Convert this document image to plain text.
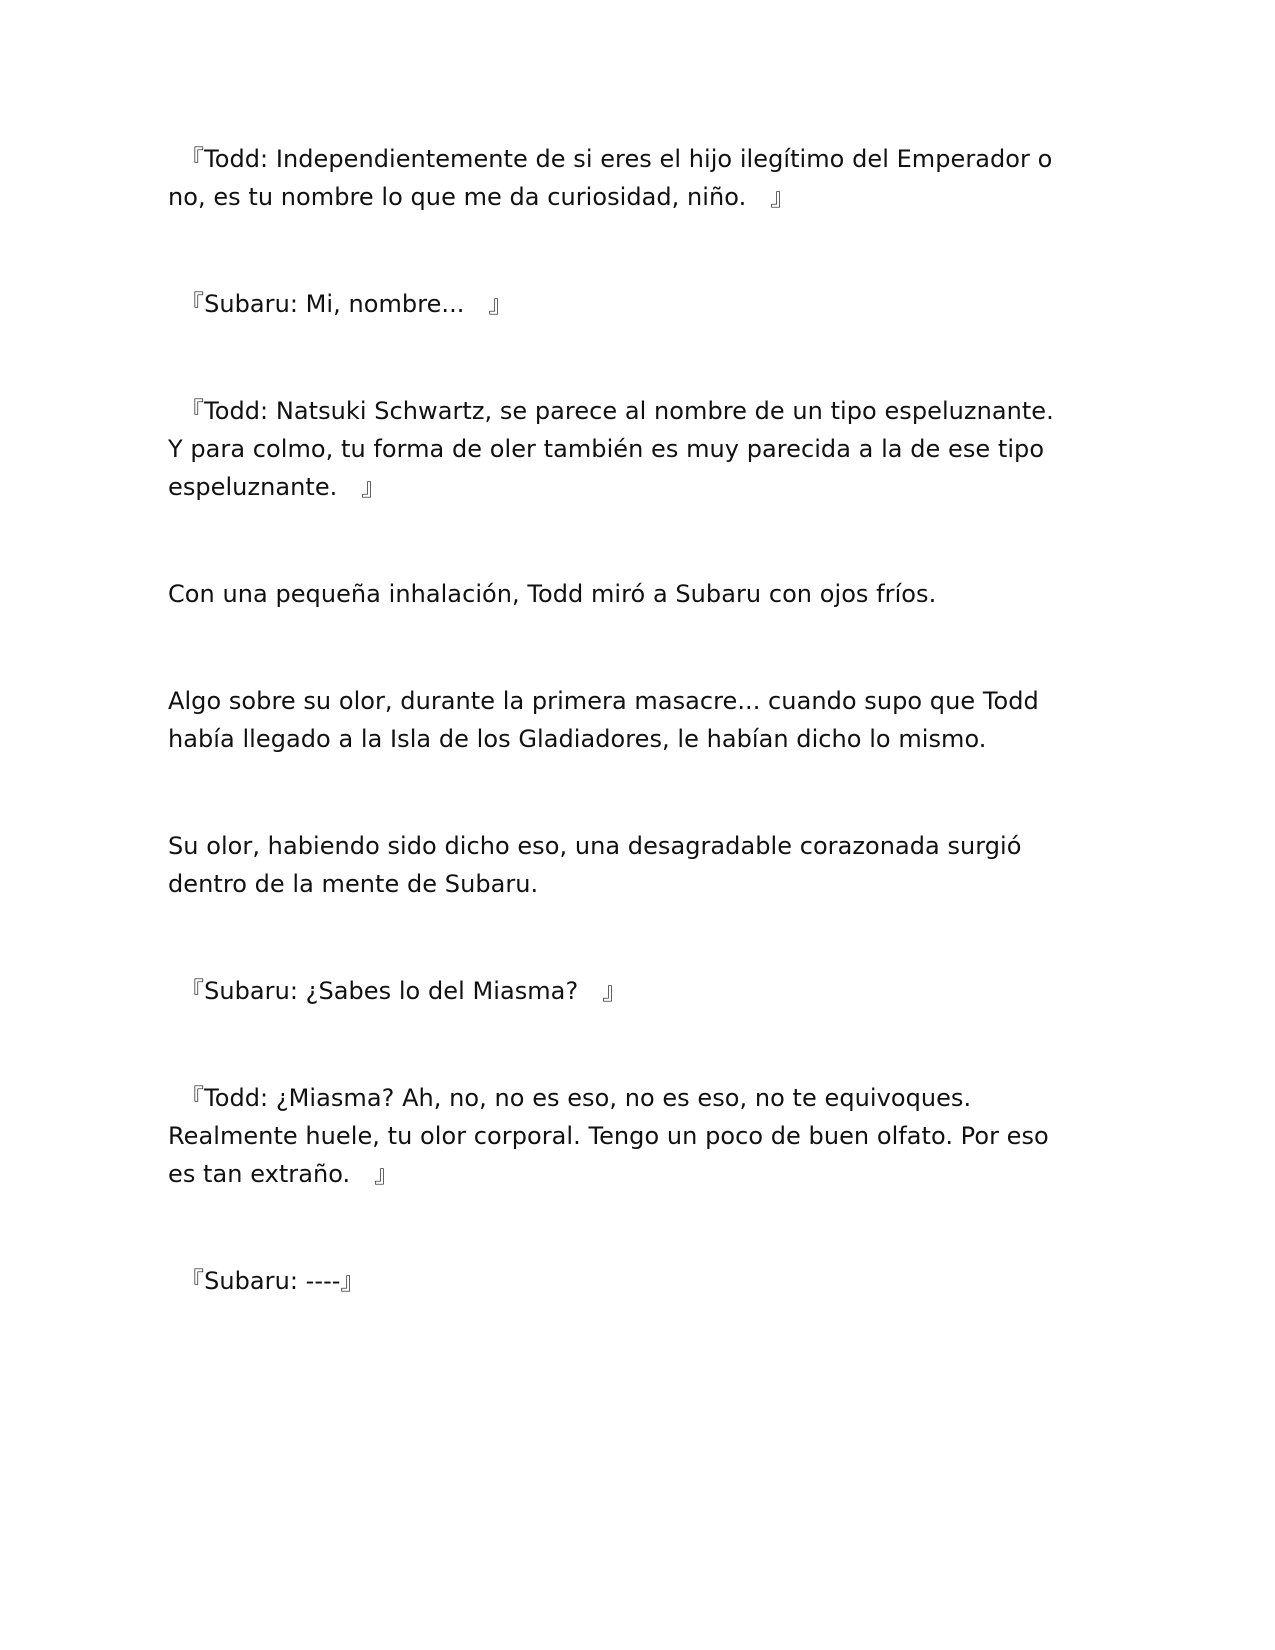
　『Todd: Independientemente de si eres el hijo ilegítimo del Emperador o no, es tu nombre lo que me da curiosidad, niño.　』

　『Subaru: Mi, nombre...　』

　『Todd: Natsuki Schwartz, se parece al nombre de un tipo espeluznante. Y para colmo, tu forma de oler también es muy parecida a la de ese tipo espeluznante.　』

Con una pequeña inhalación, Todd miró a Subaru con ojos fríos.

Algo sobre su olor, durante la primera masacre... cuando supo que Todd había llegado a la Isla de los Gladiadores, le habían dicho lo mismo.

Su olor, habiendo sido dicho eso, una desagradable corazonada surgió dentro de la mente de Subaru.

　『Subaru: ¿Sabes lo del Miasma?　』

　『Todd: ¿Miasma? Ah, no, no es eso, no es eso, no te equivoques. Realmente huele, tu olor corporal. Tengo un poco de buen olfato. Por eso es tan extraño.　』

　『Subaru: ----』
